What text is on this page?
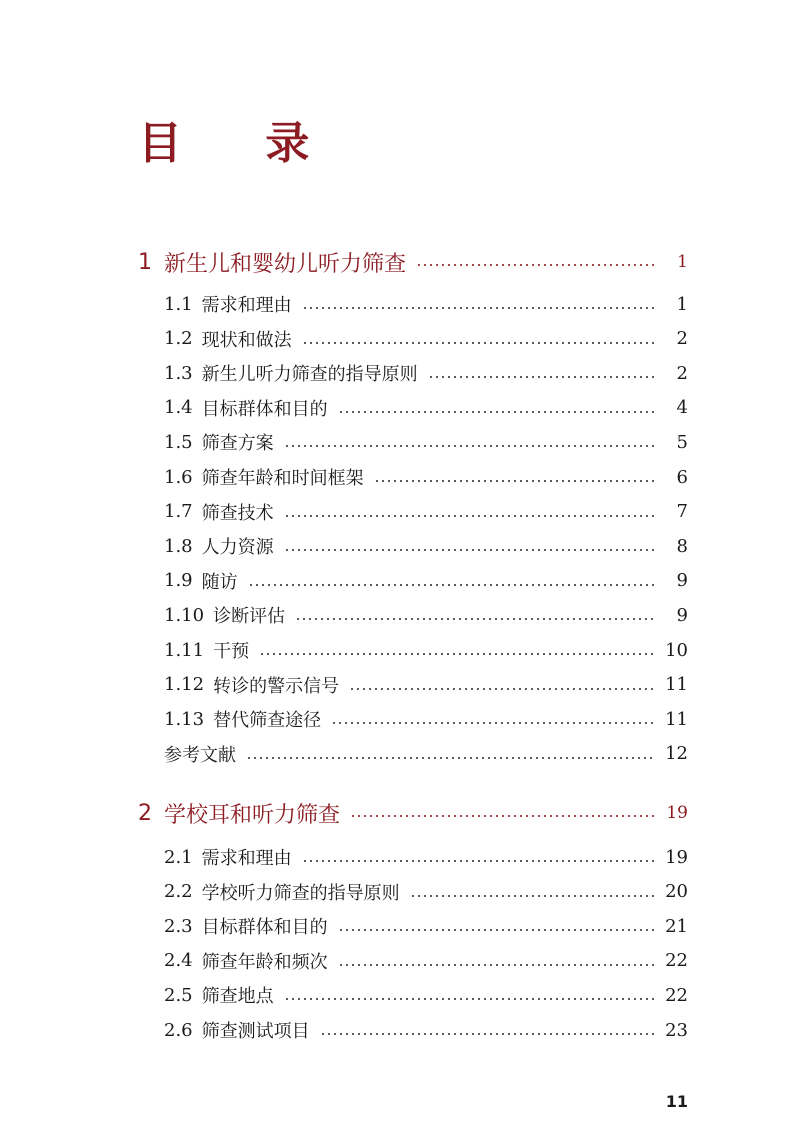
目 录
1 新生儿和婴幼儿听力筛查	1
1.1 需求和理由	1
1.2 现状和做法	2
1.3 新生儿听力筛查的指导原则	2
1.4 目标群体和目的	4
1.5 筛查方案	5
1.6 筛查年龄和时间框架	6
1.7 筛查技术	7
1.8 人力资源	8
1.9 随访	9
1.10 诊断评估	9
1.11 干预	10
1.12 转诊的警示信号	11
1.13 替代筛查途径	11
参考文献	12
2 学校耳和听力筛查	19
2.1 需求和理由	19
2.2 学校听力筛查的指导原则	20
2.3 目标群体和目的	21
2.4 筛查年龄和频次	22
2.5 筛查地点	22
2.6 筛查测试项目	23
11
